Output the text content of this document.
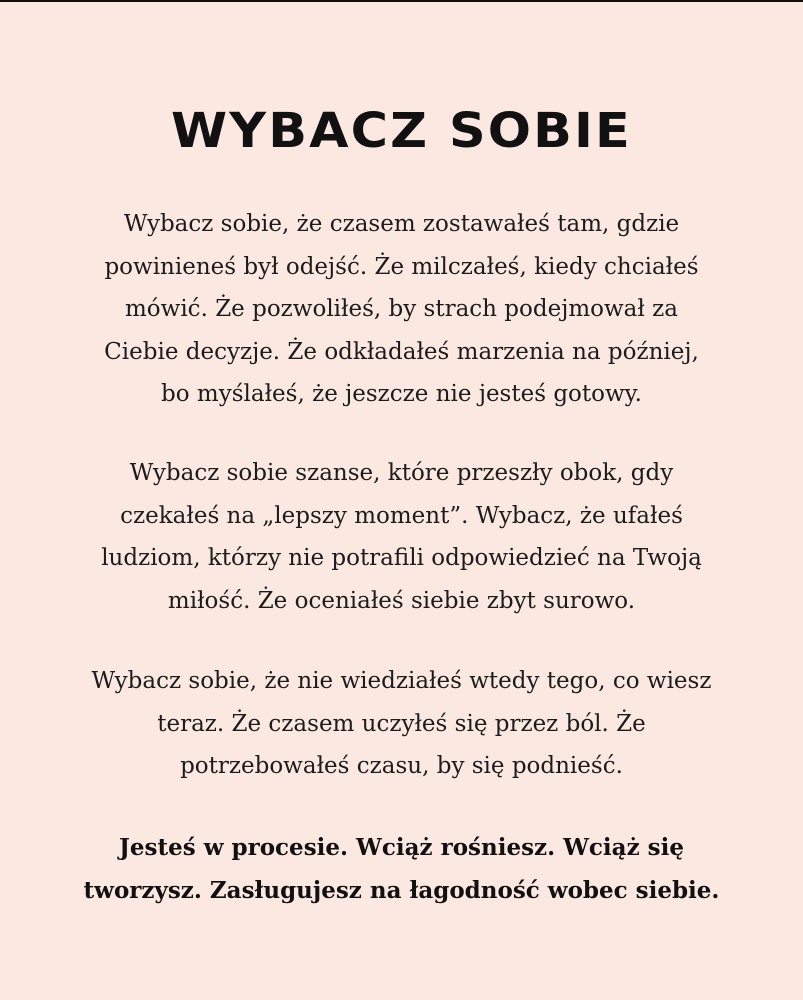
WYBACZ SOBIE

Wybacz sobie, że czasem zostawałeś tam, gdzie
powinieneś był odejść. Że milczałeś, kiedy chciałeś
mówić. Że pozwoliłeś, by strach podejmował za
Ciebie decyzje. Że odkładałeś marzenia na później,
bo myślałeś, że jeszcze nie jesteś gotowy.

Wybacz sobie szanse, które przeszły obok, gdy
czekałeś na „lepszy moment”. Wybacz, że ufałeś
ludziom, którzy nie potrafili odpowiedzieć na Twoją
miłość. Że oceniałeś siebie zbyt surowo.

Wybacz sobie, że nie wiedziałeś wtedy tego, co wiesz
teraz. Że czasem uczyłeś się przez ból. Że
potrzebowałeś czasu, by się podnieść.

Jesteś w procesie. Wciąż rośniesz. Wciąż się
tworzysz. Zasługujesz na łagodność wobec siebie.
